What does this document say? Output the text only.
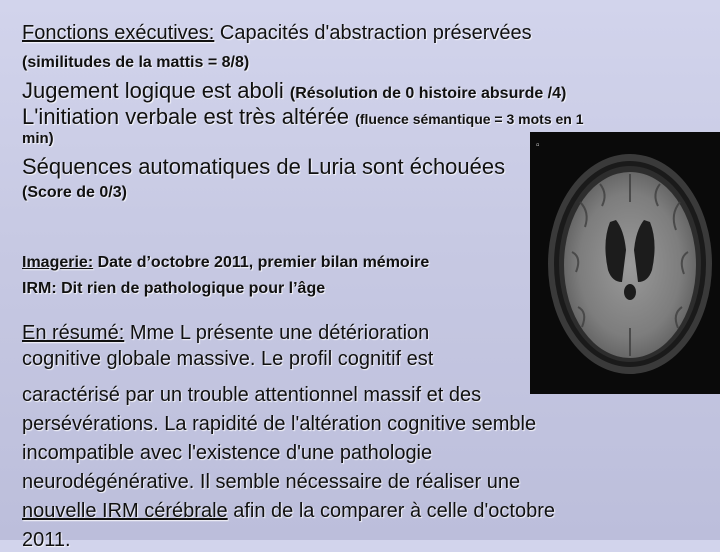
Fonctions exécutives: Capacités d'abstraction préservées
(similitudes de la mattis = 8/8)
Jugement logique est aboli (Résolution de 0 histoire absurde /4)
L'initiation verbale est très altérée (fluence sémantique = 3 mots en 1
min)
Séquences automatiques de Luria sont échouées
(Score de 0/3)
Imagerie: Date d’octobre 2011, premier bilan mémoire
IRM: Dit rien de pathologique pour l’âge
En résumé: Mme L présente une détérioration
cognitive globale massive. Le profil cognitif est
caractérisé par un trouble attentionnel massif et des
persévérations. La rapidité de l'altération cognitive semble
incompatible avec l'existence d'une pathologie
neurodégénérative. Il semble nécessaire de réaliser une
nouvelle IRM cérébrale afin de la comparer à celle d'octobre
2011.
▫
